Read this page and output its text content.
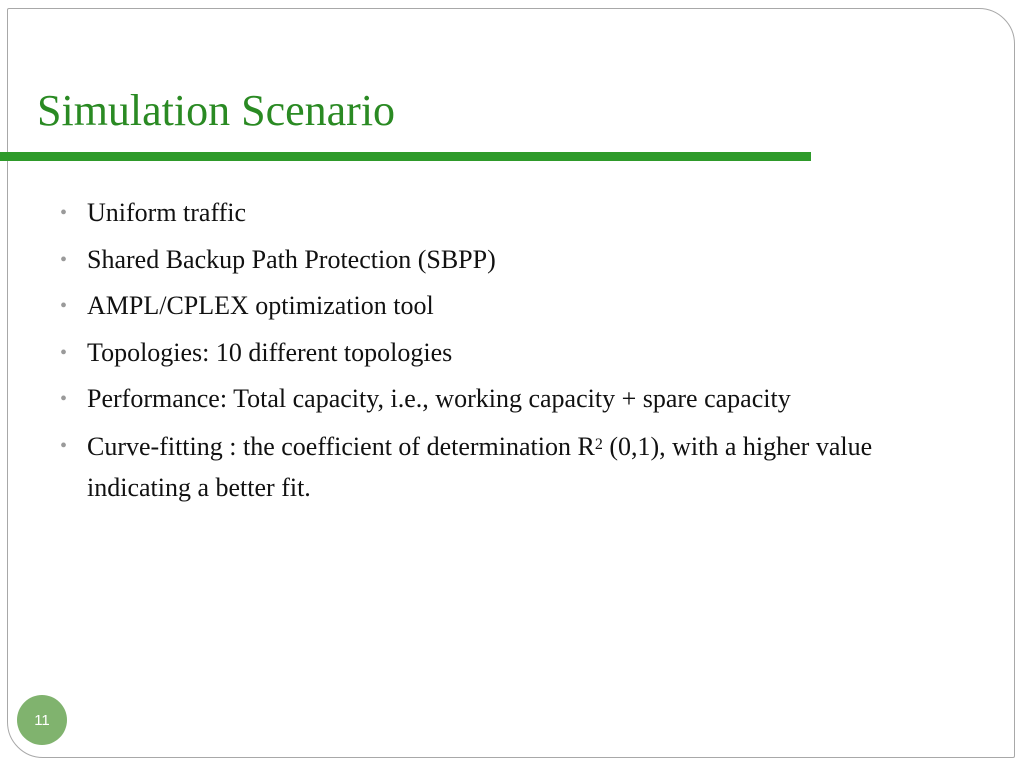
Simulation Scenario
• Uniform traffic
• Shared Backup Path Protection (SBPP)
• AMPL/CPLEX optimization tool
• Topologies: 10 different topologies
• Performance: Total capacity, i.e., working capacity + spare capacity
• Curve-fitting : the coefficient of determination $R^2$ (0,1), with a higher value indicating a better fit.
11
